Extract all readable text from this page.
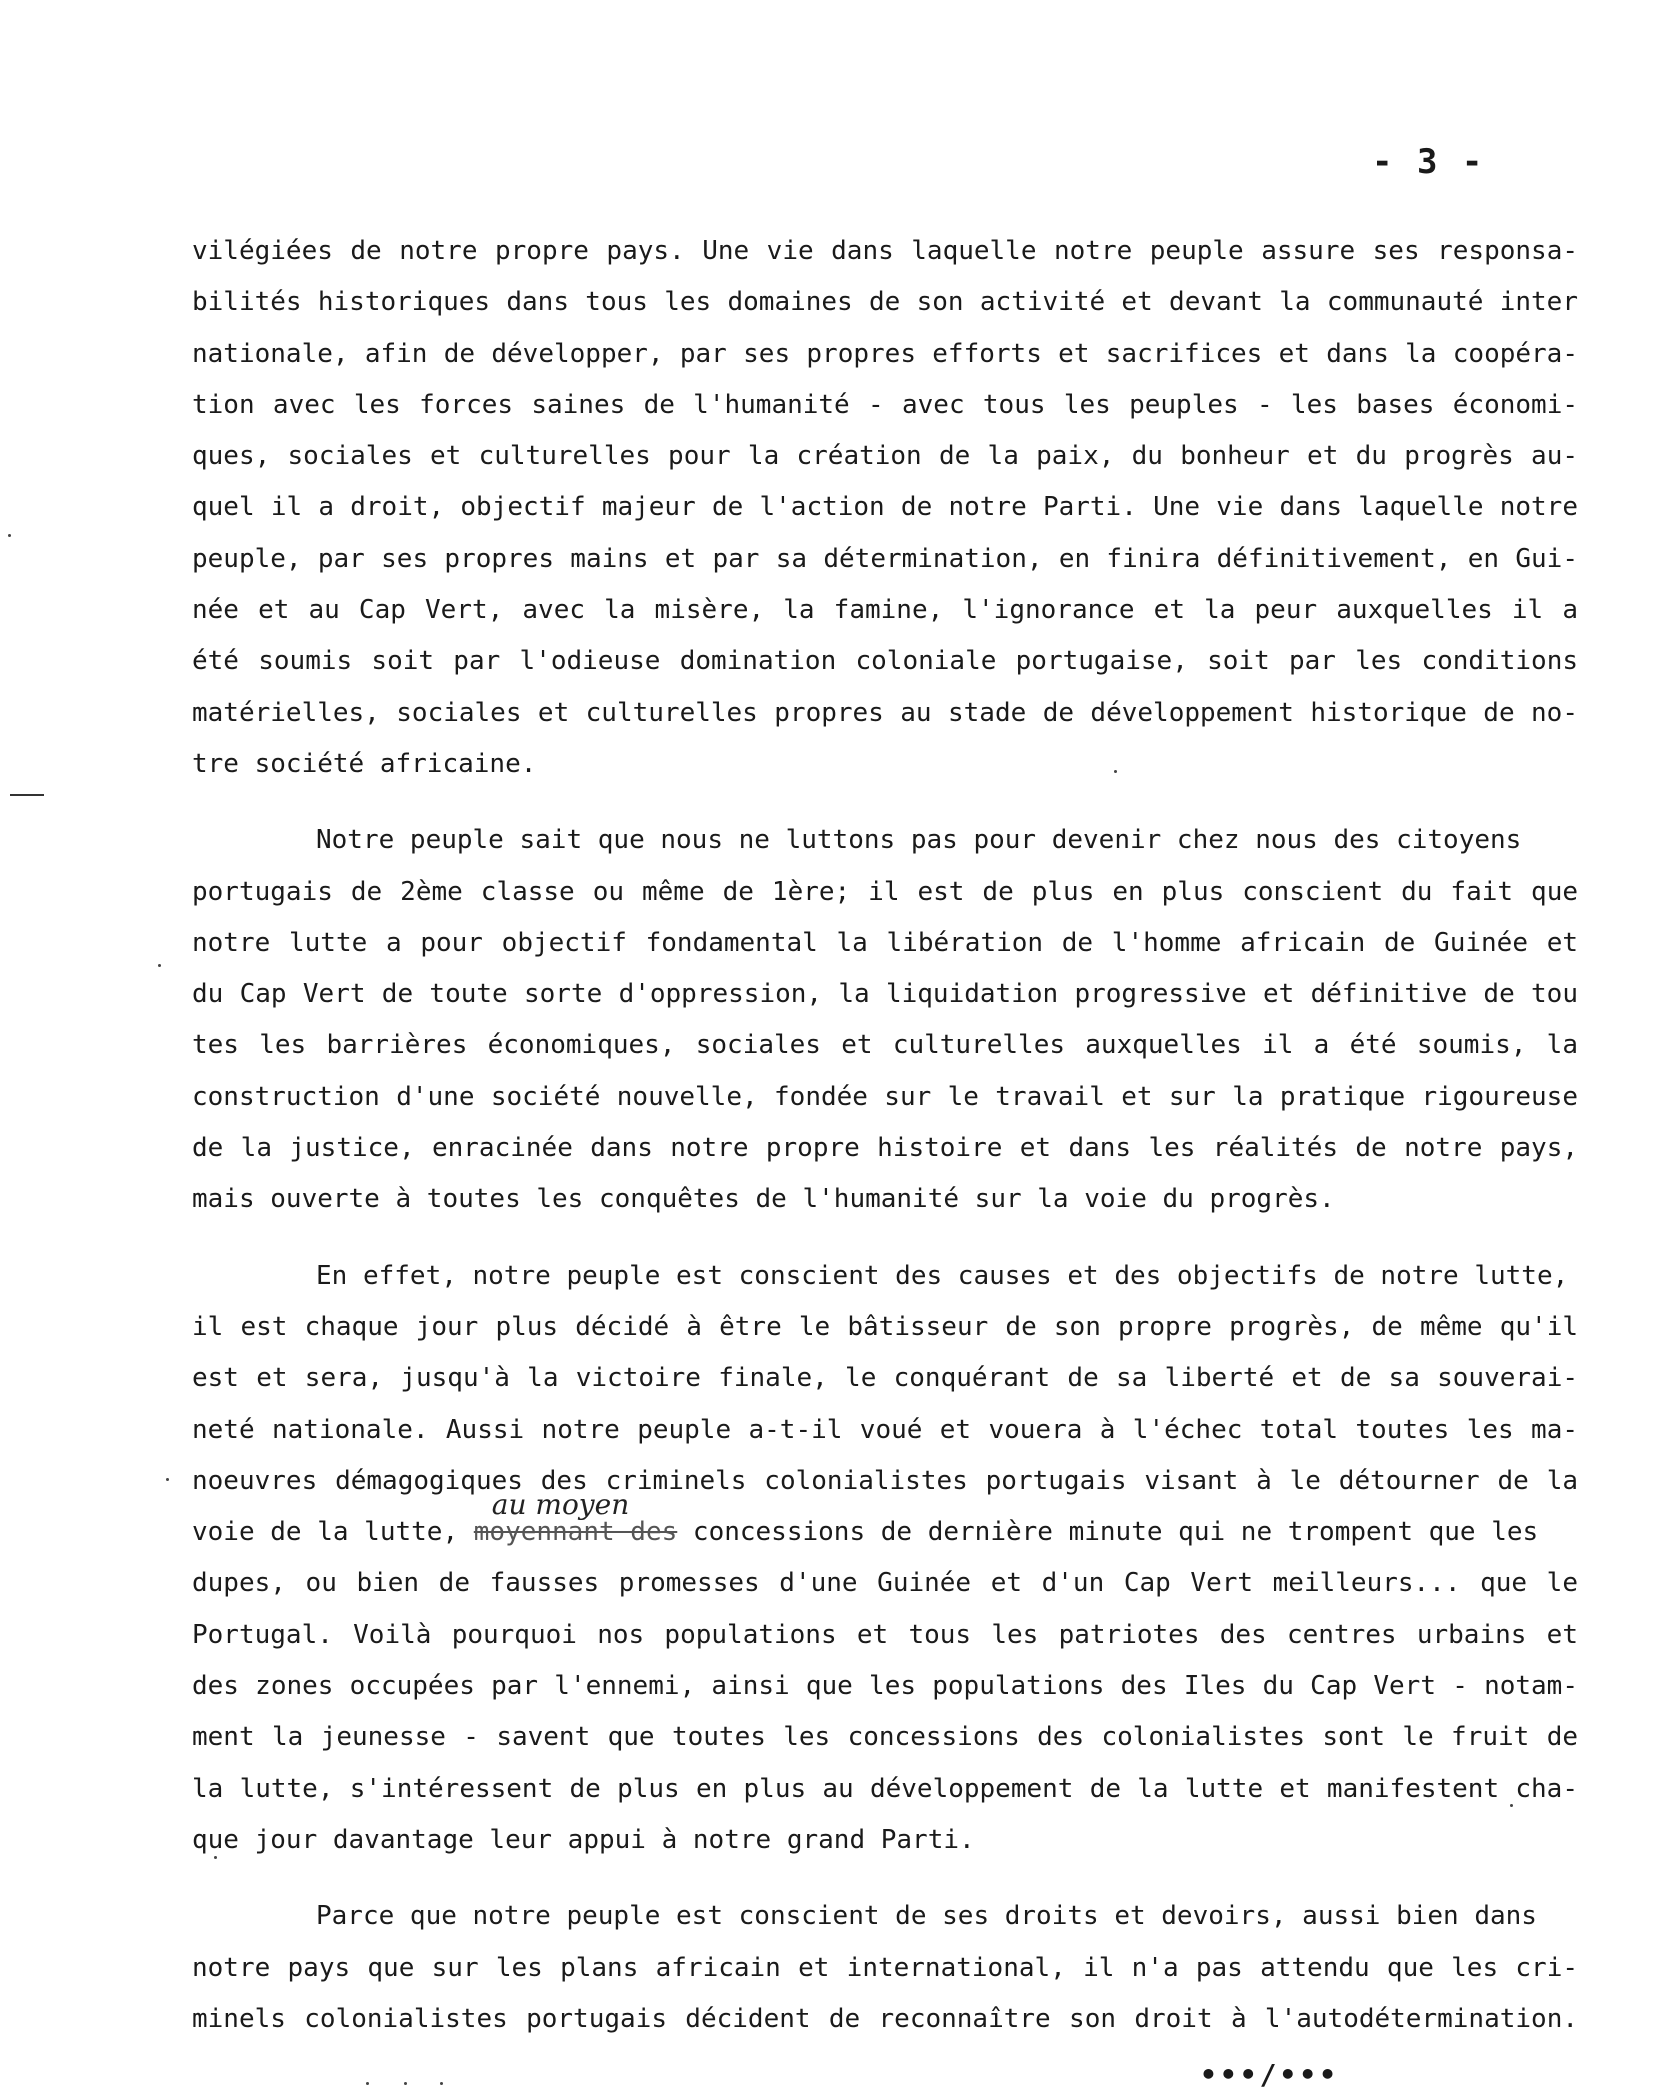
- 3 -
vilégiées de notre propre pays. Une vie dans laquelle notre peuple assure ses responsa-
bilités historiques dans tous les domaines de son activité et devant la communauté inter
nationale, afin de développer, par ses propres efforts et sacrifices et dans la coopéra-
tion avec les forces saines de l'humanité - avec tous les peuples - les bases économi-
ques, sociales et culturelles pour la création de la paix, du bonheur et du progrès au-
quel il a droit, objectif majeur de l'action de notre Parti. Une vie dans laquelle notre
peuple, par ses propres mains et par sa détermination, en finira définitivement, en Gui-
née et au Cap Vert, avec la misère, la famine, l'ignorance et la peur auxquelles il a
été soumis soit par l'odieuse domination coloniale portugaise, soit par les conditions
matérielles, sociales et culturelles propres au stade de développement historique de no-
tre société africaine.
Notre peuple sait que nous ne luttons pas pour devenir chez nous des citoyens
portugais de 2ème classe ou même de 1ère; il est de plus en plus conscient du fait que
notre lutte a pour objectif fondamental la libération de l'homme africain de Guinée et
du Cap Vert de toute sorte d'oppression, la liquidation progressive et définitive de tou
tes les barrières économiques, sociales et culturelles auxquelles il a été soumis, la
construction d'une société nouvelle, fondée sur le travail et sur la pratique rigoureuse
de la justice, enracinée dans notre propre histoire et dans les réalités de notre pays,
mais ouverte à toutes les conquêtes de l'humanité sur la voie du progrès.
En effet, notre peuple est conscient des causes et des objectifs de notre lutte,
il est chaque jour plus décidé à être le bâtisseur de son propre progrès, de même qu'il
est et sera, jusqu'à la victoire finale, le conquérant de sa liberté et de sa souverai-
neté nationale. Aussi notre peuple a-t-il voué et vouera à l'échec total toutes les ma-
noeuvres démagogiques des criminels colonialistes portugais visant à le détourner de la
voie de la lutte, moyennant des
au moyen
concessions de dernière minute qui ne trompent que les
dupes, ou bien de fausses promesses d'une Guinée et d'un Cap Vert meilleurs... que le
Portugal. Voilà pourquoi nos populations et tous les patriotes des centres urbains et
des zones occupées par l'ennemi, ainsi que les populations des Iles du Cap Vert - notam-
ment la jeunesse - savent que toutes les concessions des colonialistes sont le fruit de
la lutte, s'intéressent de plus en plus au développement de la lutte et manifestent cha-
que jour davantage leur appui à notre grand Parti.
Parce que notre peuple est conscient de ses droits et devoirs, aussi bien dans
notre pays que sur les plans africain et international, il n'a pas attendu que les cri-
minels colonialistes portugais décident de reconnaître son droit à l'autodétermination.
•••/•••
